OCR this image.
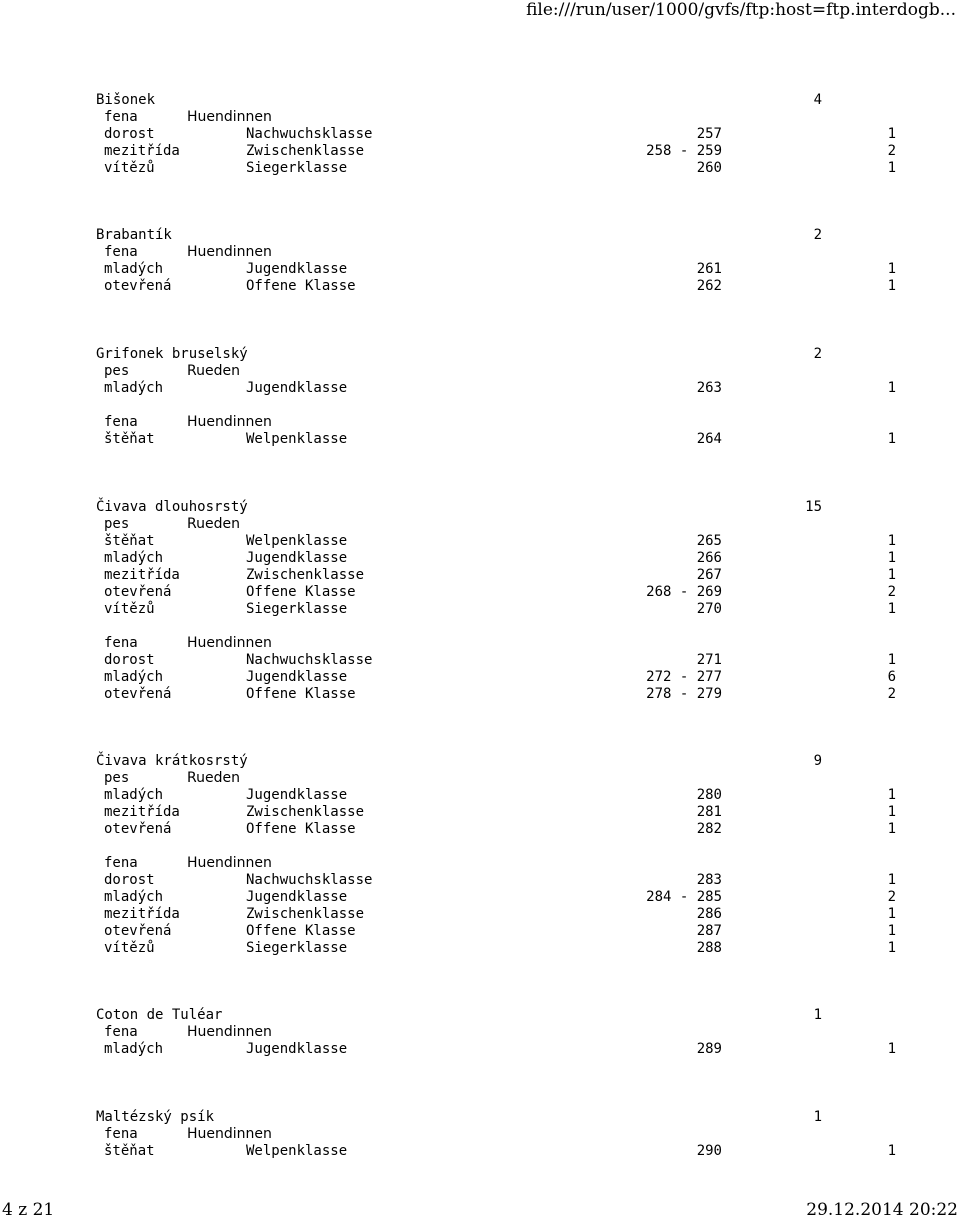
file:///run/user/1000/gvfs/ftp:host=ftp.interdogb...
Bišonek	4
fena	Huendinnen
dorost	Nachwuchsklasse	257	1
mezitřída	Zwischenklasse	258 - 259	2
vítězů	Siegerklasse	260	1
Brabantík	2
fena	Huendinnen
mladých	Jugendklasse	261	1
otevřená	Offene Klasse	262	1
Grifonek bruselský	2
pes	Rueden
mladých	Jugendklasse	263	1
fena	Huendinnen
štěňat	Welpenklasse	264	1
Čivava dlouhosrstý	15
pes	Rueden
štěňat	Welpenklasse	265	1
mladých	Jugendklasse	266	1
mezitřída	Zwischenklasse	267	1
otevřená	Offene Klasse	268 - 269	2
vítězů	Siegerklasse	270	1
fena	Huendinnen
dorost	Nachwuchsklasse	271	1
mladých	Jugendklasse	272 - 277	6
otevřená	Offene Klasse	278 - 279	2
Čivava krátkosrstý	9
pes	Rueden
mladých	Jugendklasse	280	1
mezitřída	Zwischenklasse	281	1
otevřená	Offene Klasse	282	1
fena	Huendinnen
dorost	Nachwuchsklasse	283	1
mladých	Jugendklasse	284 - 285	2
mezitřída	Zwischenklasse	286	1
otevřená	Offene Klasse	287	1
vítězů	Siegerklasse	288	1
Coton de Tuléar	1
fena	Huendinnen
mladých	Jugendklasse	289	1
Maltézský psík	1
fena	Huendinnen
štěňat	Welpenklasse	290	1
4 z 21	29.12.2014 20:22
